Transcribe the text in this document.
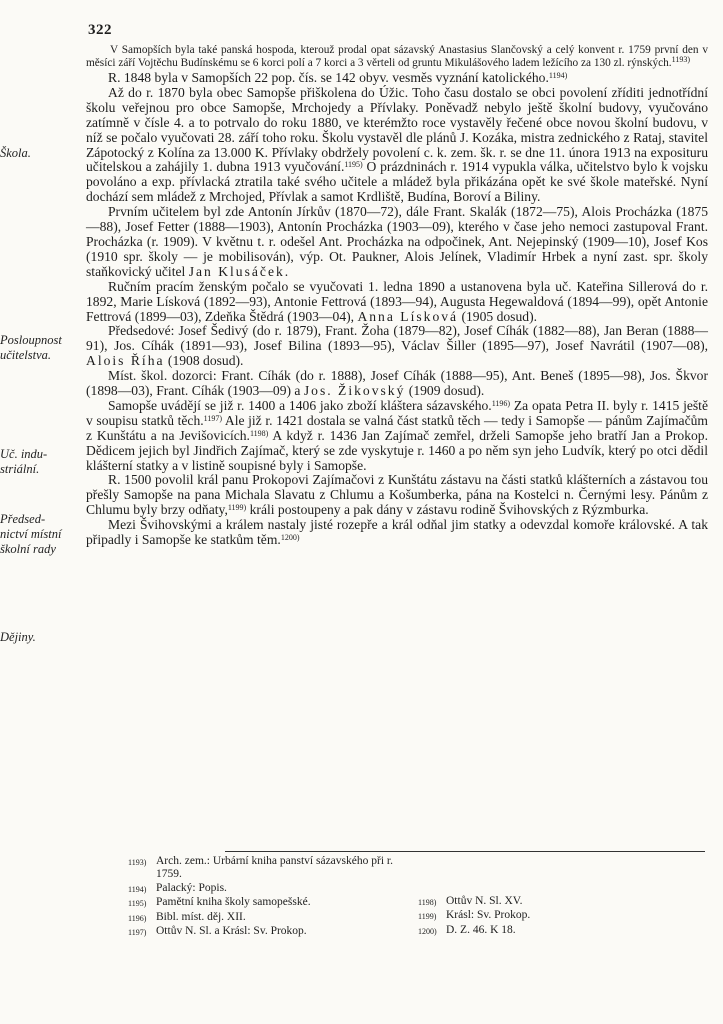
322
Škola.
Posloupnost
učitelstva.
Uč. indu-
striální.
Předsed-
nictví místní
školní rady
Dějiny.

V Samopších byla také panská hospoda, kterouž prodal opat sázavský Anastasius Slančovský a celý konvent r. 1759 první den v měsíci září Vojtěchu Budínskému se 6 korci polí a 7 korci a 3 věrteli od gruntu Mikulášového ladem ležícího za 130 zl. rýnských.$^{1193)}$

R. 1848 byla v Samopších 22 pop. čís. se 142 obyv. vesměs vyznání katolického.$^{1194)}$

Až do r. 1870 byla obec Samopše přiškolena do Úžic. Toho času dostalo se obci povolení zříditi jednotřídní školu veřejnou pro obce Samopše, Mrchojedy a Přívlaky. Poněvadž nebylo ještě školní budovy, vyučováno zatímně v čísle 4. a to potrvalo do roku 1880, ve kterémžto roce vystavěly řečené obce novou školní budovu, v níž se počalo vyučovati 28. září toho roku. Školu vystavěl dle plánů J. Kozáka, mistra zednického z Rataj, stavitel Zápotocký z Kolína za 13.000 K. Přívlaky obdržely povolení c. k. zem. šk. r. se dne 11. února 1913 na exposituru učitelskou a zahájily 1. dubna 1913 vyučování.$^{1195)}$ O prázdninách r. 1914 vypukla válka, učitelstvo bylo k vojsku povoláno a exp. přívlacká ztratila také svého učitele a mládež byla přikázána opět ke své škole mateřské. Nyní dochází sem mládež z Mrchojed, Přívlak a samot Krdliště, Budína, Boroví a Biliny.

Prvním učitelem byl zde Antonín Jírkův (1870—72), dále Frant. Skalák (1872—75), Alois Procházka (1875—88), Josef Fetter (1888—1903), Antonín Procházka (1903—09), kterého v čase jeho nemoci zastupoval Frant. Procházka (r. 1909). V květnu t. r. odešel Ant. Procházka na odpočinek, Ant. Nejepinský (1909—10), Josef Kos (1910 spr. školy — je mobilisován), výp. Ot. Paukner, Alois Jelínek, Vladimír Hrbek a nyní zast. spr. školy staňkovický učitel Jan Klusáček.

Ručním pracím ženským počalo se vyučovati 1. ledna 1890 a ustanovena byla uč. Kateřina Sillerová do r. 1892, Marie Lísková (1892—93), Antonie Fettrová (1893—94), Augusta Hegewaldová (1894—99), opět Antonie Fettrová (1899—03), Zdeňka Štědrá (1903—04), Anna Lísková (1905 dosud).

Předsedové: Josef Šedivý (do r. 1879), Frant. Žoha (1879—82), Josef Cíhák (1882—88), Jan Beran (1888—91), Jos. Cíhák (1891—93), Josef Bilina (1893—95), Václav Šiller (1895—97), Josef Navrátil (1907—08), Alois Říha (1908 dosud).

Míst. škol. dozorci: Frant. Cíhák (do r. 1888), Josef Cíhák (1888—95), Ant. Beneš (1895—98), Jos. Škvor (1898—03), Frant. Cíhák (1903—09) a Jos. Žikovský (1909 dosud).

Samopše uvádějí se již r. 1400 a 1406 jako zboží kláštera sázavského.$^{1196)}$ Za opata Petra II. byly r. 1415 ještě v soupisu statků těch.$^{1197)}$ Ale již r. 1421 dostala se valná část statků těch — tedy i Samopše — pánům Zajímačům z Kunštátu a na Jevišovicích.$^{1198)}$ A když r. 1436 Jan Zajímač zemřel, drželi Samopše jeho bratří Jan a Prokop. Dědicem jejich byl Jindřich Zajímač, který se zde vyskytuje r. 1460 a po něm syn jeho Ludvík, který po otci dědil klášterní statky a v listině soupisné byly i Samopše.

R. 1500 povolil král panu Prokopovi Zajímačovi z Kunštátu zástavu na části statků klášterních a zástavou tou přešly Samopše na pana Michala Slavatu z Chlumu a Košumberka, pána na Kostelci n. Černými lesy. Pánům z Chlumu byly brzy odňaty,$^{1199)}$ králi postoupeny a pak dány v zástavu rodině Švihovských z Rýzmburka.

Mezi Švihovskými a králem nastaly jisté rozepře a král odňal jim statky a odevzdal komoře královské. A tak připadly i Samopše ke statkům těm.$^{1200)}$

1193) Arch. zem.: Urbární kniha panství sázavského při r. 1759.
1194) Palacký: Popis.
1195) Pamětní kniha školy samopešské.
1196) Bibl. míst. děj. XII.
1197) Ottův N. Sl. a Krásl: Sv. Prokop.
1198) Ottův N. Sl. XV.
1199) Krásl: Sv. Prokop.
1200) D. Z. 46. K 18.
